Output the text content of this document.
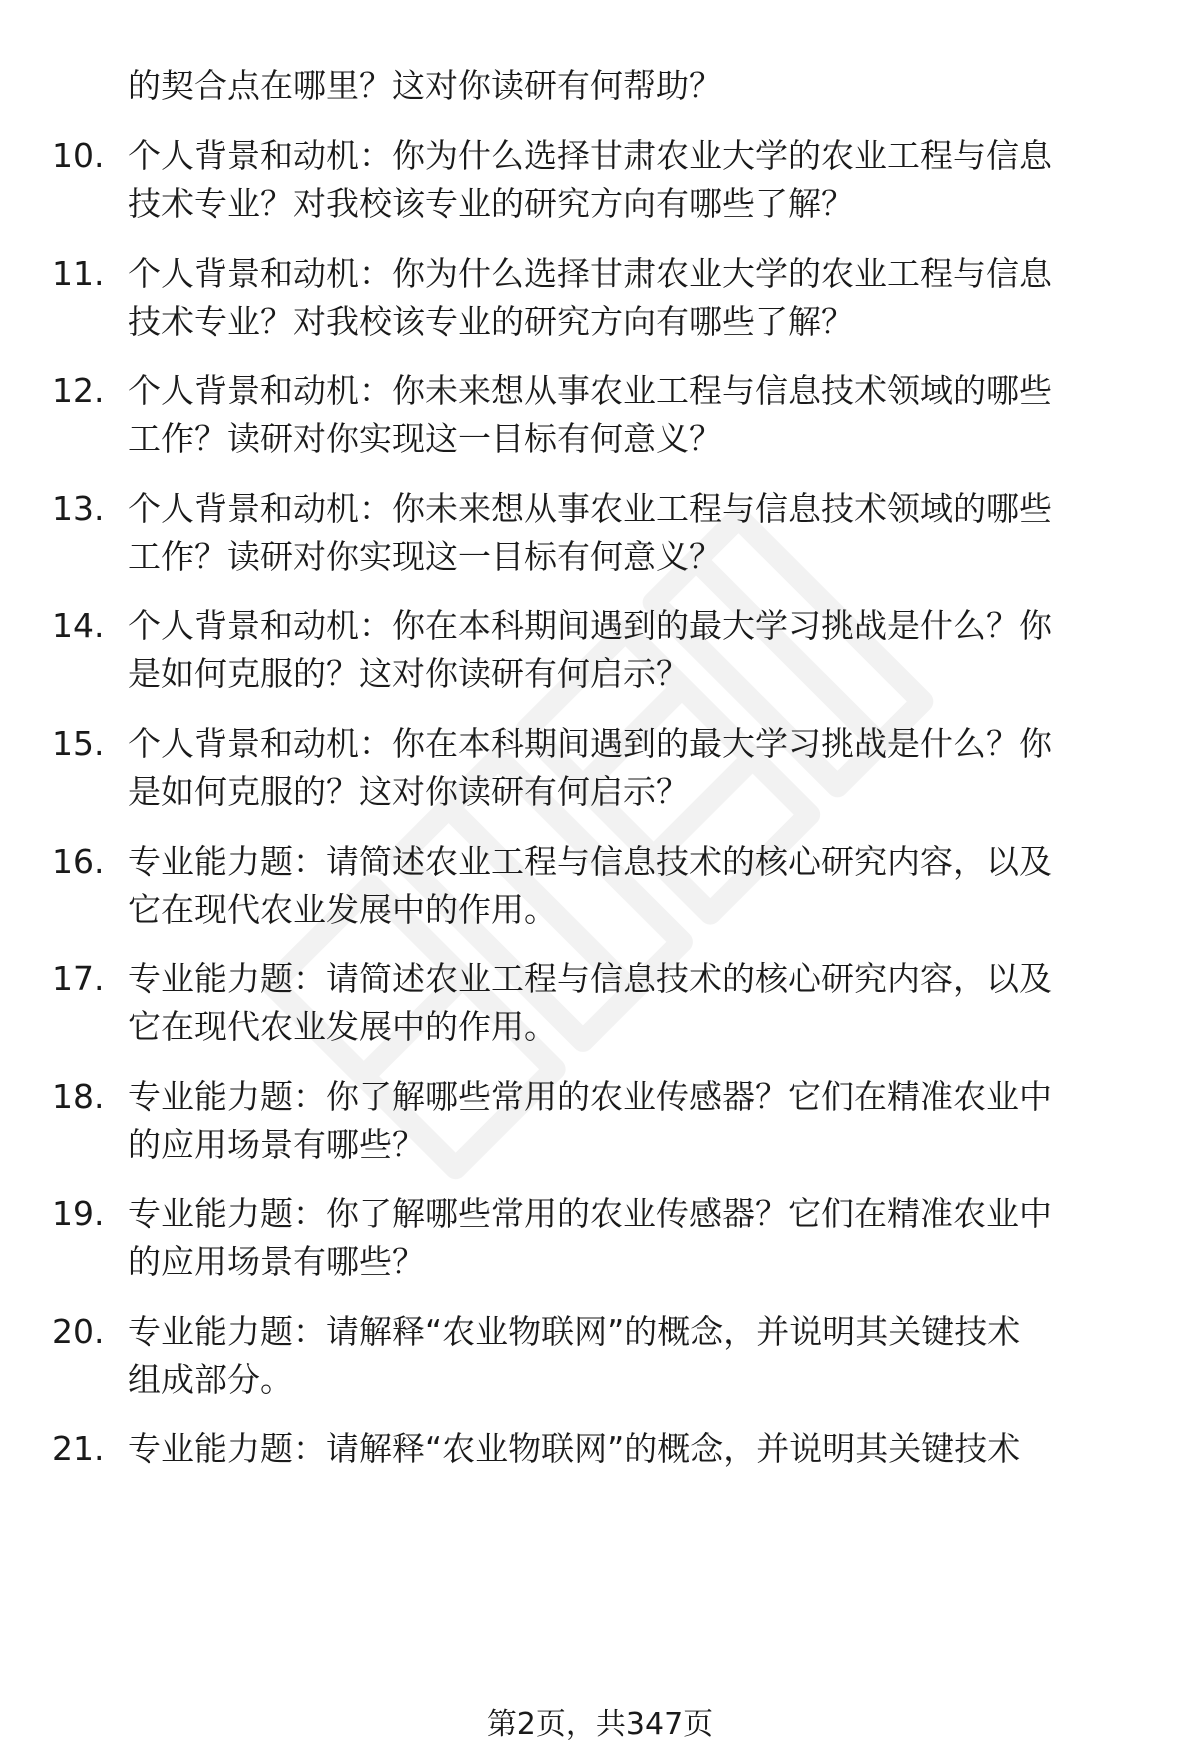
的契合点在哪里？这对你读研有何帮助？
10. 个人背景和动机：你为什么选择甘肃农业大学的农业工程与信息
技术专业？对我校该专业的研究方向有哪些了解？
11. 个人背景和动机：你为什么选择甘肃农业大学的农业工程与信息
技术专业？对我校该专业的研究方向有哪些了解？
12. 个人背景和动机：你未来想从事农业工程与信息技术领域的哪些
工作？读研对你实现这一目标有何意义？
13. 个人背景和动机：你未来想从事农业工程与信息技术领域的哪些
工作？读研对你实现这一目标有何意义？
14. 个人背景和动机：你在本科期间遇到的最大学习挑战是什么？你
是如何克服的？这对你读研有何启示？
15. 个人背景和动机：你在本科期间遇到的最大学习挑战是什么？你
是如何克服的？这对你读研有何启示？
16. 专业能力题：请简述农业工程与信息技术的核心研究内容，以及
它在现代农业发展中的作用。
17. 专业能力题：请简述农业工程与信息技术的核心研究内容，以及
它在现代农业发展中的作用。
18. 专业能力题：你了解哪些常用的农业传感器？它们在精准农业中
的应用场景有哪些？
19. 专业能力题：你了解哪些常用的农业传感器？它们在精准农业中
的应用场景有哪些？
20. 专业能力题：请解释“农业物联网”的概念，并说明其关键技术
组成部分。
21. 专业能力题：请解释“农业物联网”的概念，并说明其关键技术
第2页，共347页
